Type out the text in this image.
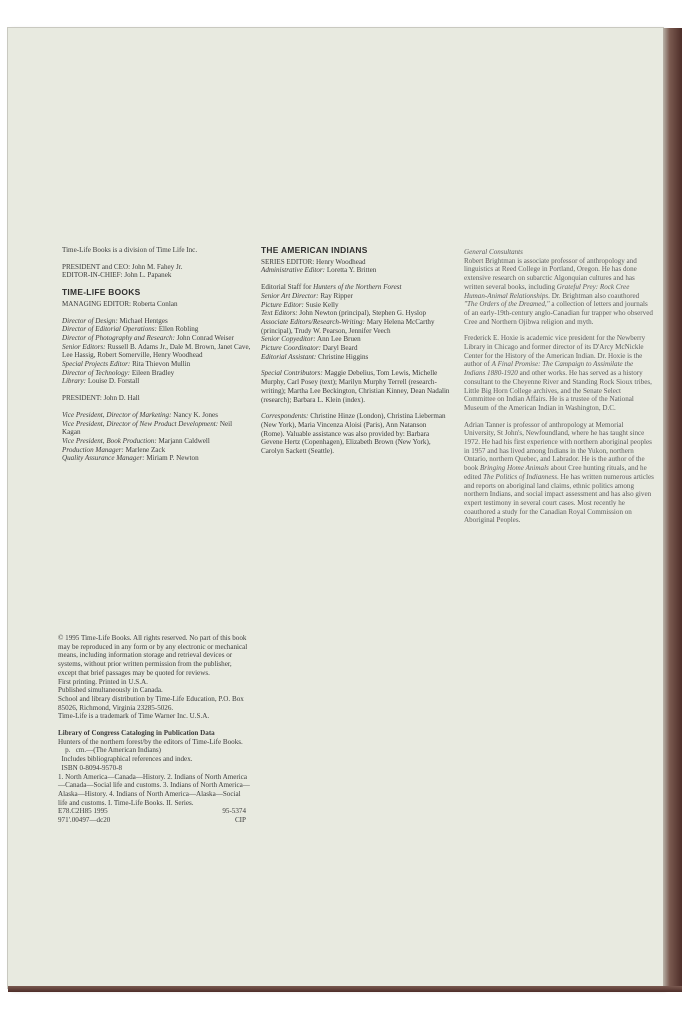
Time-Life Books is a division of Time Life Inc.

PRESIDENT and CEO: John M. Fahey Jr.

EDITOR-IN-CHIEF: John L. Papanek

TIME-LIFE BOOKS

MANAGING EDITOR: Roberta Conlan

Director of Design: Michael Hentges

Director of Editorial Operations: Ellen Robling

Director of Photography and Research: John Conrad Weiser

Senior Editors: Russell B. Adams Jr., Dale M. Brown, Janet Cave, Lee Hassig, Robert Somerville, Henry Woodhead

Special Projects Editor: Rita Thievon Mullin

Director of Technology: Eileen Bradley

Library: Louise D. Forstall

PRESIDENT: John D. Hall

Vice President, Director of Marketing: Nancy K. Jones

Vice President, Director of New Product Development: Neil Kagan

Vice President, Book Production: Marjann Caldwell

Production Manager: Marlene Zack

Quality Assurance Manager: Miriam P. Newton

THE AMERICAN INDIANS

SERIES EDITOR: Henry Woodhead

Administrative Editor: Loretta Y. Britten

Editorial Staff for Hunters of the Northern Forest

Senior Art Director: Ray Ripper

Picture Editor: Susie Kelly

Text Editors: John Newton (principal), Stephen G. Hyslop

Associate Editors/Research-Writing: Mary Helena McCarthy (principal), Trudy W. Pearson, Jennifer Veech

Senior Copyeditor: Ann Lee Bruen

Picture Coordinator: Daryl Beard

Editorial Assistant: Christine Higgins

Special Contributors: Maggie Debelius, Tom Lewis, Michelle Murphy, Carl Posey (text); Marilyn Murphy Terrell (research-writing); Martha Lee Beckington, Christian Kinney, Dean Nadalin (research); Barbara L. Klein (index).

Correspondents: Christine Hinze (London), Christina Lieberman (New York), Maria Vincenza Aloisi (Paris), Ann Natanson (Rome). Valuable assistance was also provided by: Barbara Gevene Hertz (Copenhagen), Elizabeth Brown (New York), Carolyn Sackett (Seattle).

General Consultants

Robert Brightman is associate professor of anthropology and linguistics at Reed College in Portland, Oregon. He has done extensive research on subarctic Algonquian cultures and has written several books, including Grateful Prey: Rock Cree Human-Animal Relationships. Dr. Brightman also coauthored "The Orders of the Dreamed," a collection of letters and journals of an early-19th-century anglo-Canadian fur trapper who observed Cree and Northern Ojibwa religion and myth.

Frederick E. Hoxie is academic vice president for the Newberry Library in Chicago and former director of its D'Arcy McNickle Center for the History of the American Indian. Dr. Hoxie is the author of A Final Promise: The Campaign to Assimilate the Indians 1880-1920 and other works. He has served as a history consultant to the Cheyenne River and Standing Rock Sioux tribes, Little Big Horn College archives, and the Senate Select Committee on Indian Affairs. He is a trustee of the National Museum of the American Indian in Washington, D.C.

Adrian Tanner is professor of anthropology at Memorial University, St John's, Newfoundland, where he has taught since 1972. He had his first experience with northern aboriginal peoples in 1957 and has lived among Indians in the Yukon, northern Ontario, northern Quebec, and Labrador. He is the author of the book Bringing Home Animals about Cree hunting rituals, and he edited The Politics of Indianness. He has written numerous articles and reports on aboriginal land claims, ethnic politics among northern Indians, and social impact assessment and has also given expert testimony in several court cases. Most recently he coauthored a study for the Canadian Royal Commission on Aboriginal Peoples.

© 1995 Time-Life Books. All rights reserved. No part of this book may be reproduced in any form or by any electronic or mechanical means, including information storage and retrieval devices or systems, without prior written permission from the publisher, except that brief passages may be quoted for reviews.

First printing. Printed in U.S.A.

Published simultaneously in Canada.

School and library distribution by Time-Life Education, P.O. Box 85026, Richmond, Virginia 23285-5026.

Time-Life is a trademark of Time Warner Inc. U.S.A.

Library of Congress Cataloging in Publication Data

Hunters of the northern forest/by the editors of Time-Life Books.

p.   cm.—(The American Indians)

Includes bibliographical references and index.

ISBN 0-8094-9570-8

1. North America—Canada—History. 2. Indians of North America—Canada—Social life and customs. 3. Indians of North America—Alaska—History. 4. Indians of North America—Alaska—Social life and customs. I. Time-Life Books. II. Series.

E78.C2H85 1995

971'.00497—dc20

95-5374

CIP
